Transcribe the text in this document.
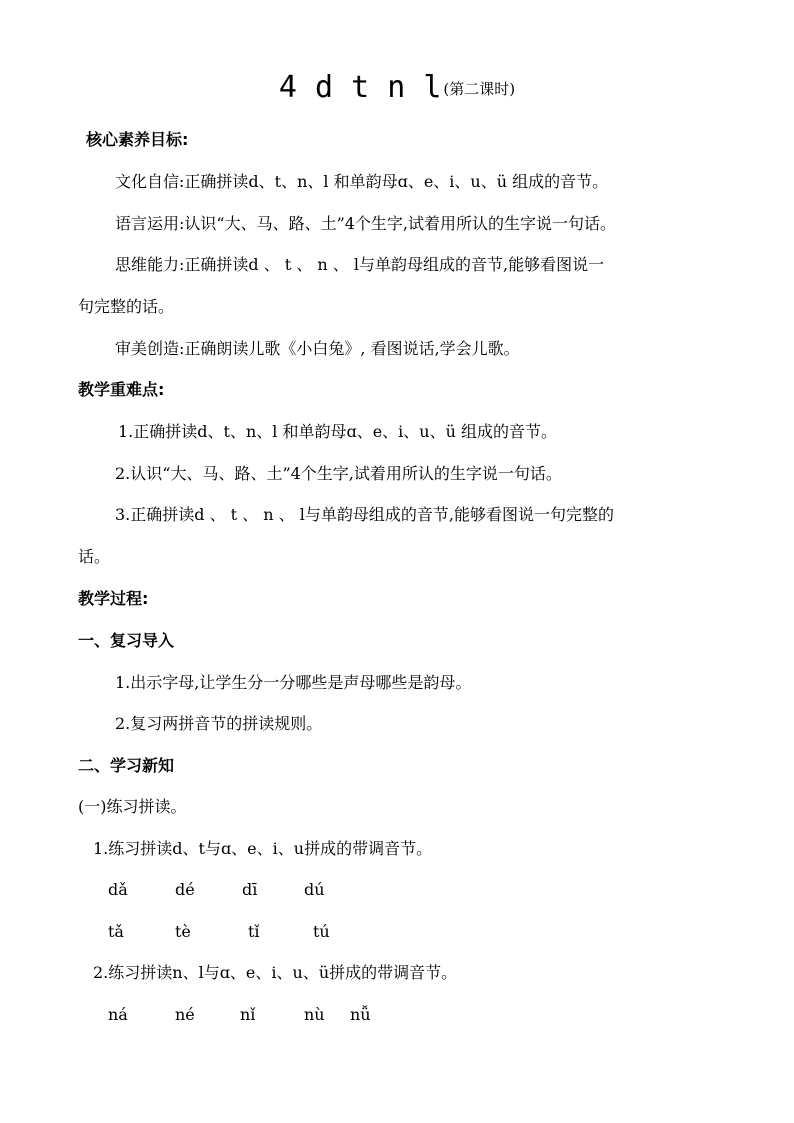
4 d t n l (第二课时)
核心素养目标:
文化自信:正确拼读d、t、n、l 和单韵母ɑ、e、i、u、ü 组成的音节。
语言运用:认识“大、马、路、土”4个生字,试着用所认的生字说一句话。
思维能力:正确拼读d 、 t 、 n 、 l与单韵母组成的音节,能够看图说一
句完整的话。
审美创造:正确朗读儿歌《小白兔》, 看图说话,学会儿歌。
教学重难点:
1.正确拼读d、t、n、l 和单韵母ɑ、e、i、u、ü 组成的音节。
2.认识“大、马、路、土”4个生字,试着用所认的生字说一句话。
3.正确拼读d 、 t 、 n 、 l与单韵母组成的音节,能够看图说一句完整的
话。
教学过程:
一、复习导入
1.出示字母,让学生分一分哪些是声母哪些是韵母。
2.复习两拼音节的拼读规则。
二、学习新知
(一)练习拼读。
1.练习拼读d、t与ɑ、e、i、u拼成的带调音节。
dǎ	dé	dī	dú
tǎ	tè	tǐ	tú
2.练习拼读n、l与ɑ、e、i、u、ü拼成的带调音节。
ná	né	nǐ	nù nǚ
